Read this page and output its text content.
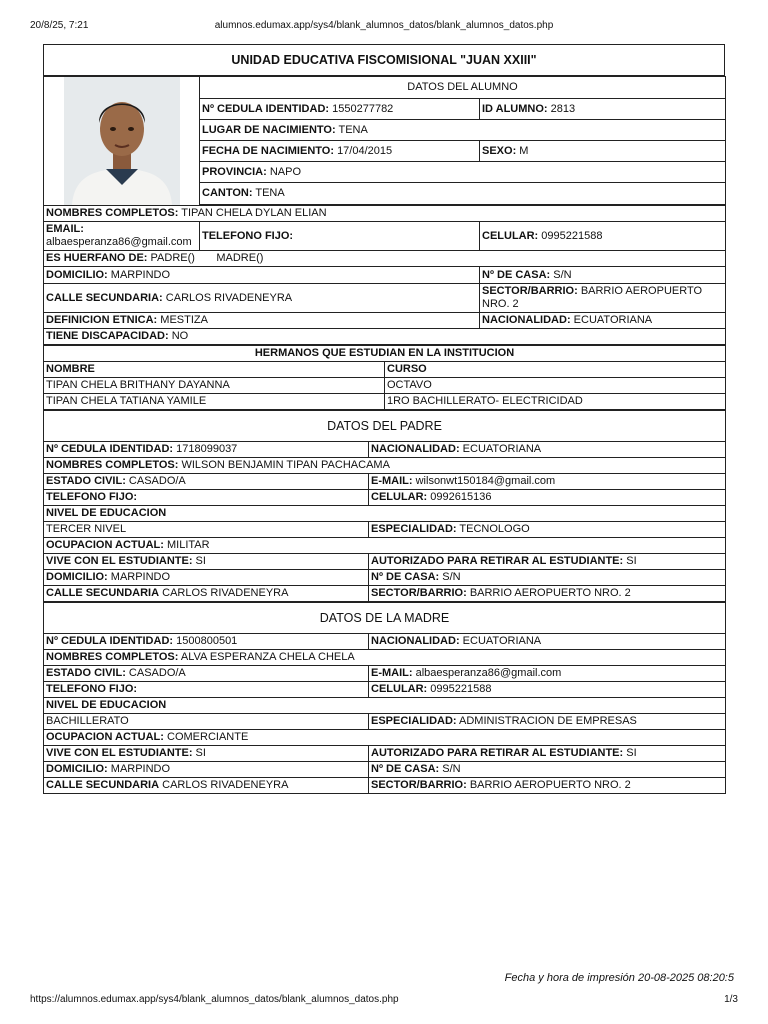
20/8/25, 7:21	alumnos.edumax.app/sys4/blank_alumnos_datos/blank_alumnos_datos.php
UNIDAD EDUCATIVA FISCOMISIONAL "JUAN XXIII"
	DATOS DEL ALUMNO	
	Nº CEDULA IDENTIDAD: 1550277782	ID ALUMNO: 2813
	LUGAR DE NACIMIENTO: TENA	
	FECHA DE NACIMIENTO: 17/04/2015	SEXO: M
	PROVINCIA: NAPO	
	CANTON: TENA	

NOMBRES COMPLETOS: TIPAN CHELA DYLAN ELIAN		
EMAIL:
albaesperanza86@gmail.com	TELEFONO FIJO:	CELULAR: 0995221588
ES HUERFANO DE: PADRE() MADRE()		
DOMICILIO: MARPINDO		Nº DE CASA: S/N
CALLE SECUNDARIA: CARLOS RIVADENEYRA		SECTOR/BARRIO: BARRIO AEROPUERTO NRO. 2
DEFINICION ETNICA: MESTIZA		NACIONALIDAD: ECUATORIANA
TIENE DISCAPACIDAD: NO		
HERMANOS QUE ESTUDIAN EN LA INSTITUCION	
NOMBRE	CURSO
TIPAN CHELA BRITHANY DAYANNA	OCTAVO
TIPAN CHELA TATIANA YAMILE	1RO BACHILLERATO- ELECTRICIDAD
DATOS DEL PADRE	
Nº CEDULA IDENTIDAD: 1718099037	NACIONALIDAD: ECUATORIANA
NOMBRES COMPLETOS: WILSON BENJAMIN TIPAN PACHACAMA	
ESTADO CIVIL: CASADO/A	E-MAIL: wilsonwt150184@gmail.com
TELEFONO FIJO:	CELULAR: 0992615136
NIVEL DE EDUCACION	
TERCER NIVEL	ESPECIALIDAD: TECNOLOGO
OCUPACION ACTUAL: MILITAR	
VIVE CON EL ESTUDIANTE: SI	AUTORIZADO PARA RETIRAR AL ESTUDIANTE: SI
DOMICILIO: MARPINDO	Nº DE CASA: S/N
CALLE SECUNDARIA CARLOS RIVADENEYRA	SECTOR/BARRIO: BARRIO AEROPUERTO NRO. 2
DATOS DE LA MADRE	
Nº CEDULA IDENTIDAD: 1500800501	NACIONALIDAD: ECUATORIANA
NOMBRES COMPLETOS: ALVA ESPERANZA CHELA CHELA	
ESTADO CIVIL: CASADO/A	E-MAIL: albaesperanza86@gmail.com
TELEFONO FIJO:	CELULAR: 0995221588
NIVEL DE EDUCACION	
BACHILLERATO	ESPECIALIDAD: ADMINISTRACION DE EMPRESAS
OCUPACION ACTUAL: COMERCIANTE	
VIVE CON EL ESTUDIANTE: SI	AUTORIZADO PARA RETIRAR AL ESTUDIANTE: SI
DOMICILIO: MARPINDO	Nº DE CASA: S/N
CALLE SECUNDARIA CARLOS RIVADENEYRA	SECTOR/BARRIO: BARRIO AEROPUERTO NRO. 2
Fecha y hora de impresión 20-08-2025 08:20:5
https://alumnos.edumax.app/sys4/blank_alumnos_datos/blank_alumnos_datos.php	1/3
